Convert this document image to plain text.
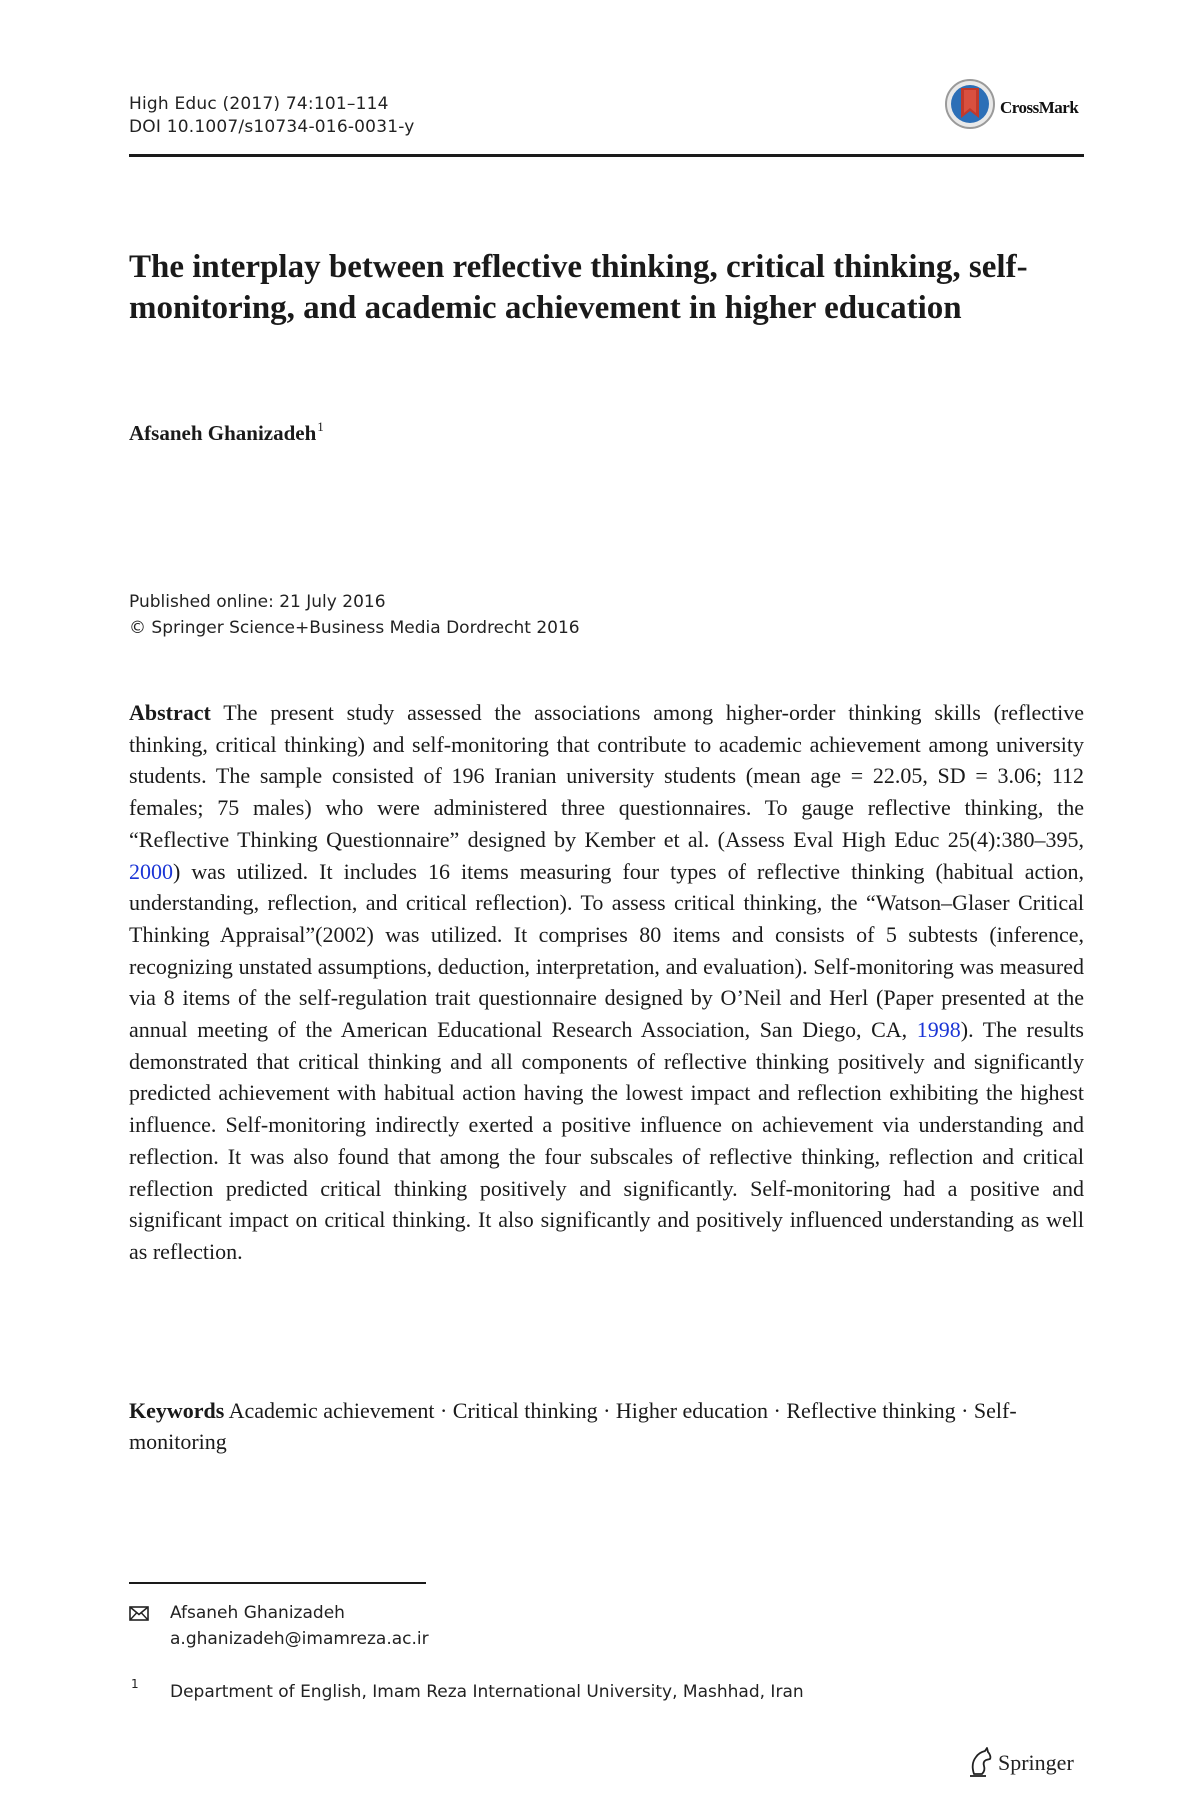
High Educ (2017) 74:101–114
DOI 10.1007/s10734-016-0031-y
CrossMark
The interplay between reflective thinking, critical thinking, self-monitoring, and academic achievement in higher education
Afsaneh Ghanizadeh$^1$
Published online: 21 July 2016
© Springer Science+Business Media Dordrecht 2016

Abstract The present study assessed the associations among higher-order thinking skills (reflective thinking, critical thinking) and self-monitoring that contribute to academic achievement among university students. The sample consisted of 196 Iranian university students (mean age = 22.05, SD = 3.06; 112 females; 75 males) who were administered three questionnaires. To gauge reflective thinking, the “Reflective Thinking Questionnaire” designed by Kember et al. (Assess Eval High Educ 25(4):380–395, 2000) was utilized. It includes 16 items measuring four types of reflective thinking (habitual action, understanding, reflection, and critical reflection). To assess critical thinking, the “Watson–Glaser Critical Thinking Appraisal”(2002) was utilized. It comprises 80 items and consists of 5 subtests (inference, recognizing unstated assumptions, deduction, interpretation, and evaluation). Self-monitoring was measured via 8 items of the self-regulation trait questionnaire designed by O’Neil and Herl (Paper presented at the annual meeting of the American Educational Research Association, San Diego, CA, 1998). The results demonstrated that critical thinking and all components of reflective thinking positively and significantly predicted achievement with habitual action having the lowest impact and reflection exhibiting the highest influence. Self-monitoring indirectly exerted a positive influence on achievement via understanding and reflection. It was also found that among the four subscales of reflective thinking, reflection and critical reflection predicted critical thinking positively and significantly. Self-monitoring had a positive and significant impact on critical thinking. It also significantly and positively influenced understanding as well as reflection.

Keywords Academic achievement · Critical thinking · Higher education · Reflective thinking · Self-monitoring

Afsaneh Ghanizadeh
a.ghanizadeh@imamreza.ac.ir
1 Department of English, Imam Reza International University, Mashhad, Iran
Springer
